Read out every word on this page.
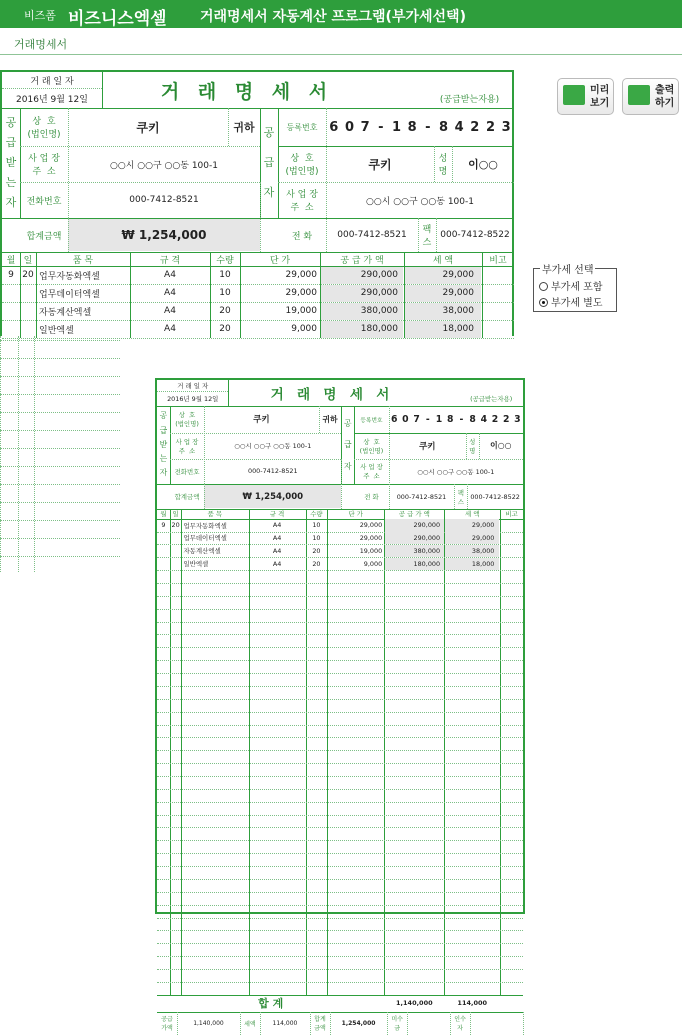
비즈폼 비즈니스엑셀 거래명세서 자동계산 프로그램(부가세선택)
거래명세서
미리
보기
출력
하기
부가세 선택
부가세 포함
부가세 별도
거 래 일 자
2016년 9월 12일	거 래 명 세 서	(공급받는자용)
공
급
받
는
자
공
급
자
상  호
(법인명)
쿠키	귀하
사 업 장
주  소
○○시 ○○구 ○○동 100-1
전화번호	000-7412-8521
합계금액	₩ 1,254,000
등록번호 6 0 7 - 1 8 - 8 4 2 2 3
상  호
(법인명)
쿠키	성
명
이○○
사 업 장
주  소
○○시 ○○구 ○○동 100-1
전 화	000-7412-8521	팩
스
000-7412-8522
월 일	품 목	규 격	수량	단 가	공 급 가 액	세 액	비고
9 20 업무자동화엑셀	A4	10	29,000	290,000	29,000
업무데이터엑셀	A4	10	29,000	290,000	29,000
자동계산엑셀	A4	20	19,000	380,000	38,000
일반엑셀	A4	20	9,000	180,000	18,000
거 래 일 자
2016년 9월 12일	거 래 명 세 서	(공급받는자용)
공
급
받
는
자
공
급
자
상  호
(법인명)	쿠키	귀하
사 업 장
주  소
○○시 ○○구 ○○동 100-1
전화번호	000-7412-8521
합계금액	₩ 1,254,000
등록번호 6 0 7 - 1 8 - 8 4 2 2 3
상  호
(법인명)	쿠키	성
명
이○○
사 업 장
주  소
○○시 ○○구 ○○동 100-1
전 화	000-7412-8521	팩
스
000-7412-8522
월 일	품 목	규 격	수량	단 가	공 급 가 액	세 액	비고
9 20 업무자동화엑셀	A4	10	29,000	290,000	29,000
업무데이터엑셀	A4	10	29,000	290,000	29,000
자동계산엑셀	A4	20	19,000	380,000	38,000
일반엑셀	A4	20	9,000	180,000	18,000
합 계	1,140,000	114,000
공급
가액
1,140,000	세액	114,000	합계
금액
1,254,000	미수
금
인수
자
